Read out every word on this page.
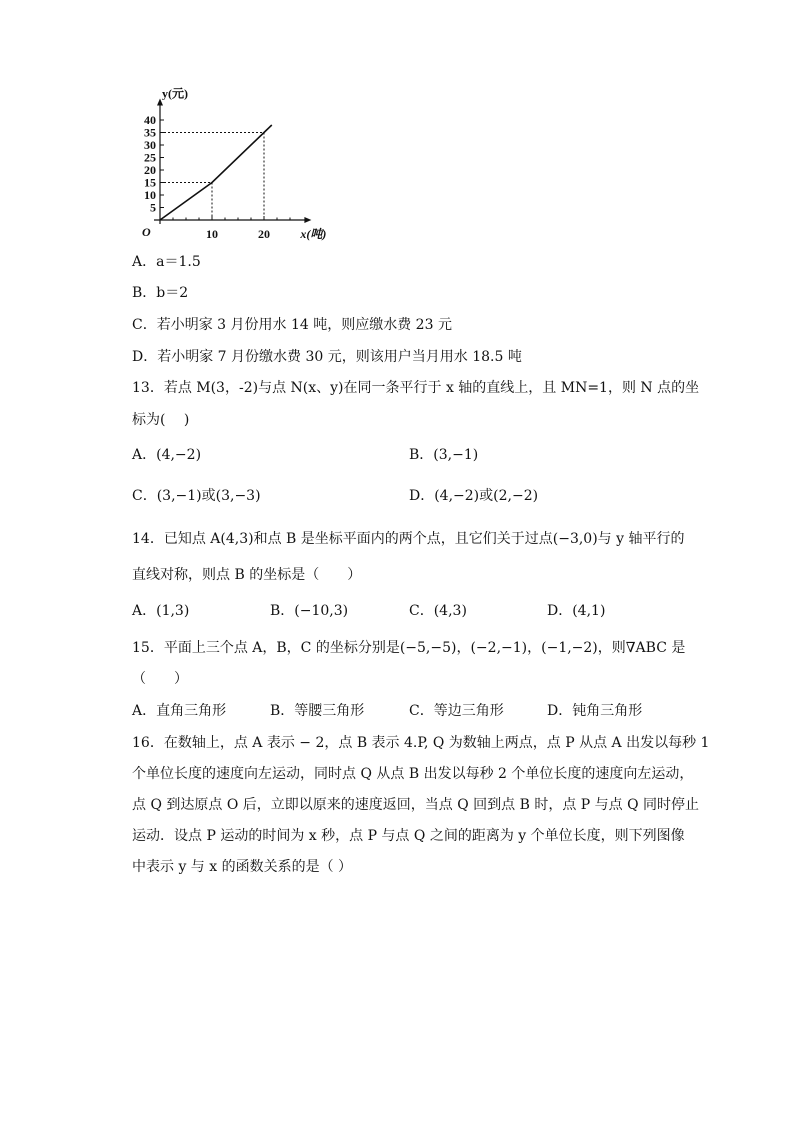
5
10
15
20
25
30
35
40
10	20
y(元)
x(吨)
O
A．a＝1.5
B．b＝2
C．若小明家 3 月份用水 14 吨，则应缴水费 23 元
D．若小明家 7 月份缴水费 30 元，则该用户当月用水 18.5 吨
13．若点 M(3，-2)与点 N(x、y)在同一条平行于 x 轴的直线上，且 MN=1，则 N 点的坐
标为(　 )
A．(4,−2)	B．(3,−1)
C．(3,−1)或(3,−3)	D．(4,−2)或(2,−2)
14．已知点 A(4,3)和点 B 是坐标平面内的两个点，且它们关于过点(−3,0)与 y 轴平行的
直线对称，则点 B 的坐标是（　　）
A．(1,3)	B．(−10,3)	C．(4,3)	D．(4,1)
15．平面上三个点 A，B，C 的坐标分别是(−5,−5)，(−2,−1)，(−1,−2)，则∇ABC 是
（　　）
A．直角三角形	B．等腰三角形	C．等边三角形	D．钝角三角形
16．在数轴上，点 A 表示 − 2，点 B 表示 4.P, Q 为数轴上两点，点 P 从点 A 出发以每秒 1
个单位长度的速度向左运动，同时点 Q 从点 B 出发以每秒 2 个单位长度的速度向左运动，
点 Q 到达原点 O 后，立即以原来的速度返回，当点 Q 回到点 B 时，点 P 与点 Q 同时停止
运动．设点 P 运动的时间为 x 秒，点 P 与点 Q 之间的距离为 y 个单位长度，则下列图像
中表示 y 与 x 的函数关系的是（ ）
